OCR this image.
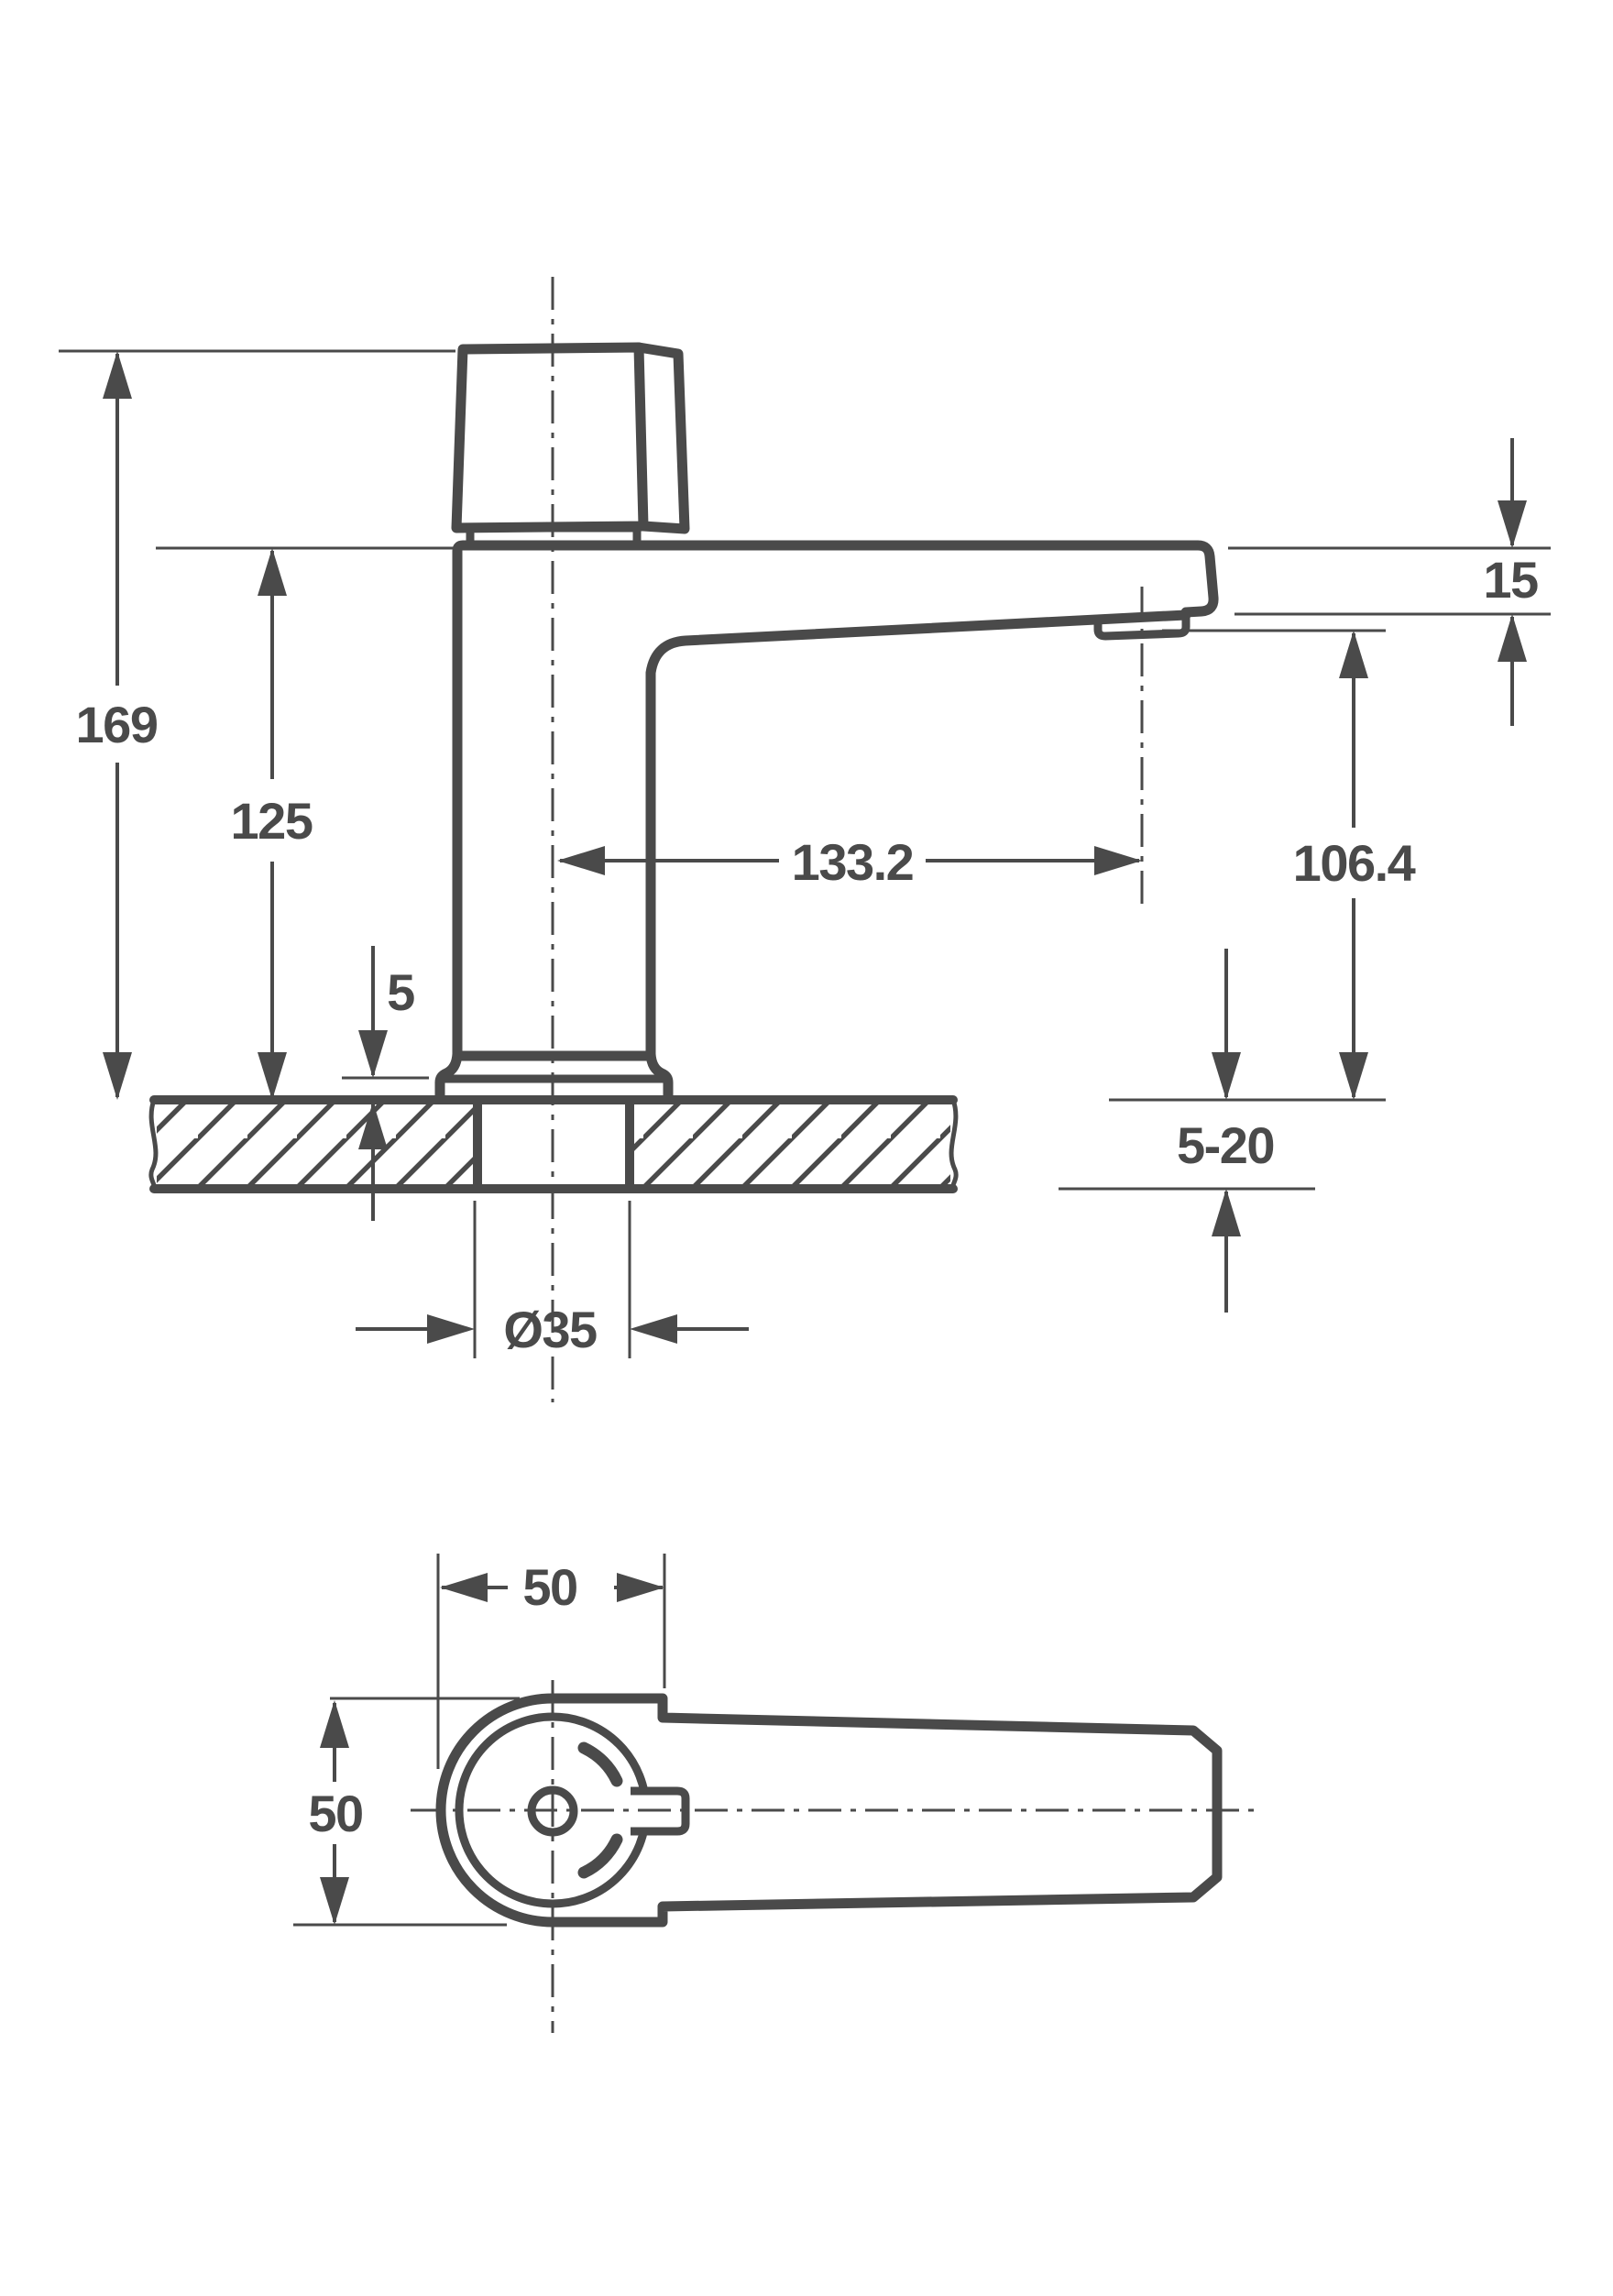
169
125
5
133.2
15
106.4
5-20
Ø35
50
50
